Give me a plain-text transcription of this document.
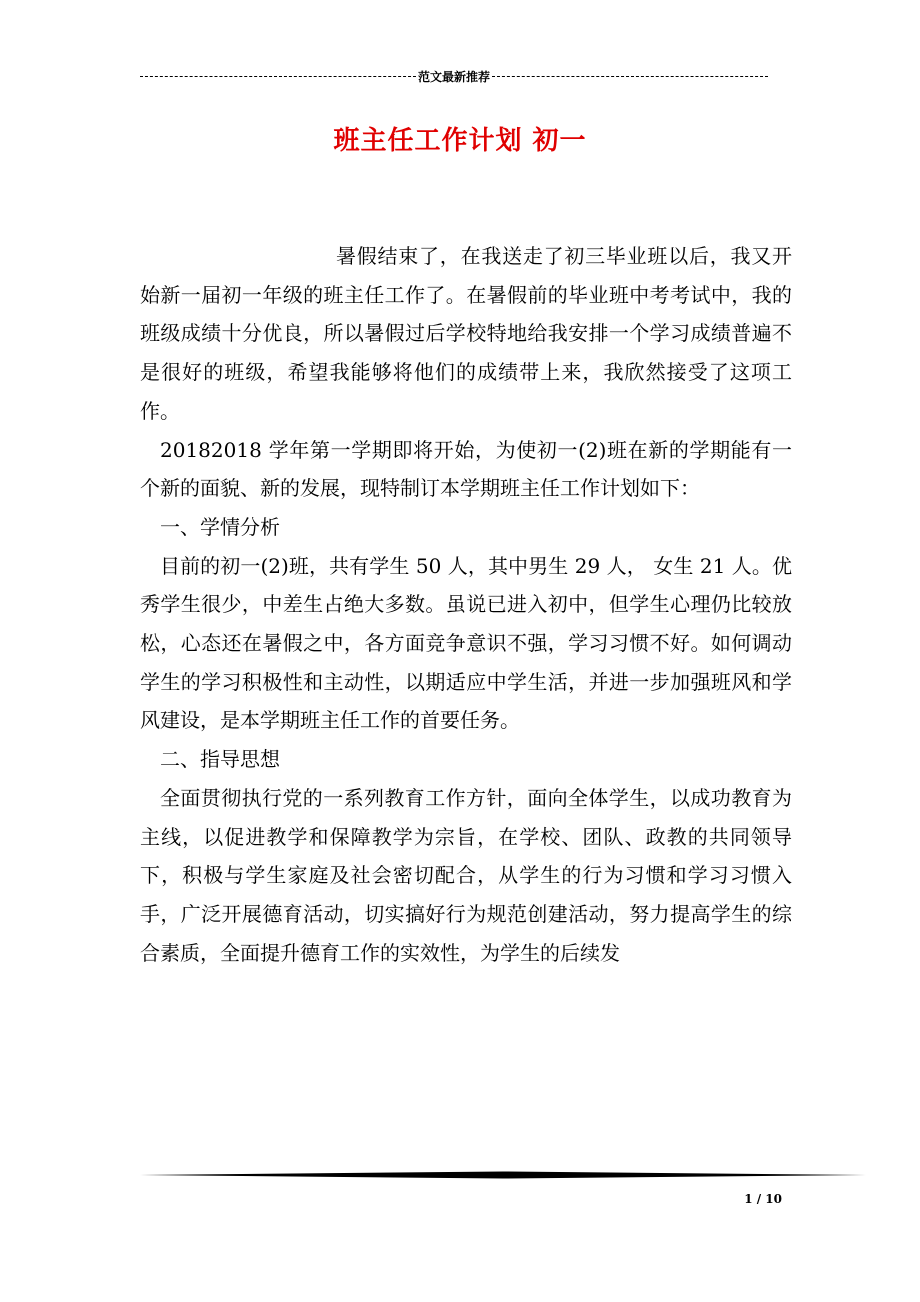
范文最新推荐
班主任工作计划 初一

暑假结束了，在我送走了初三毕业班以后，我又开始新一届初一年级的班主任工作了。在暑假前的毕业班中考考试中，我的班级成绩十分优良，所以暑假过后学校特地给我安排一个学习成绩普遍不是很好的班级，希望我能够将他们的成绩带上来，我欣然接受了这项工作。

20182018 学年第一学期即将开始，为使初一(2)班在新的学期能有一个新的面貌、新的发展，现特制订本学期班主任工作计划如下：

一、学情分析

目前的初一(2)班，共有学生 50 人，其中男生 29 人， 女生 21 人。优秀学生很少，中差生占绝大多数。虽说已进入初中，但学生心理仍比较放松，心态还在暑假之中，各方面竞争意识不强，学习习惯不好。如何调动学生的学习积极性和主动性，以期适应中学生活，并进一步加强班风和学风建设，是本学期班主任工作的首要任务。

二、指导思想

全面贯彻执行党的一系列教育工作方针，面向全体学生，以成功教育为主线，以促进教学和保障教学为宗旨，在学校、团队、政教的共同领导下，积极与学生家庭及社会密切配合，从学生的行为习惯和学习习惯入手，广泛开展德育活动，切实搞好行为规范创建活动，努力提高学生的综合素质，全面提升德育工作的实效性，为学生的后续发

1 / 10
